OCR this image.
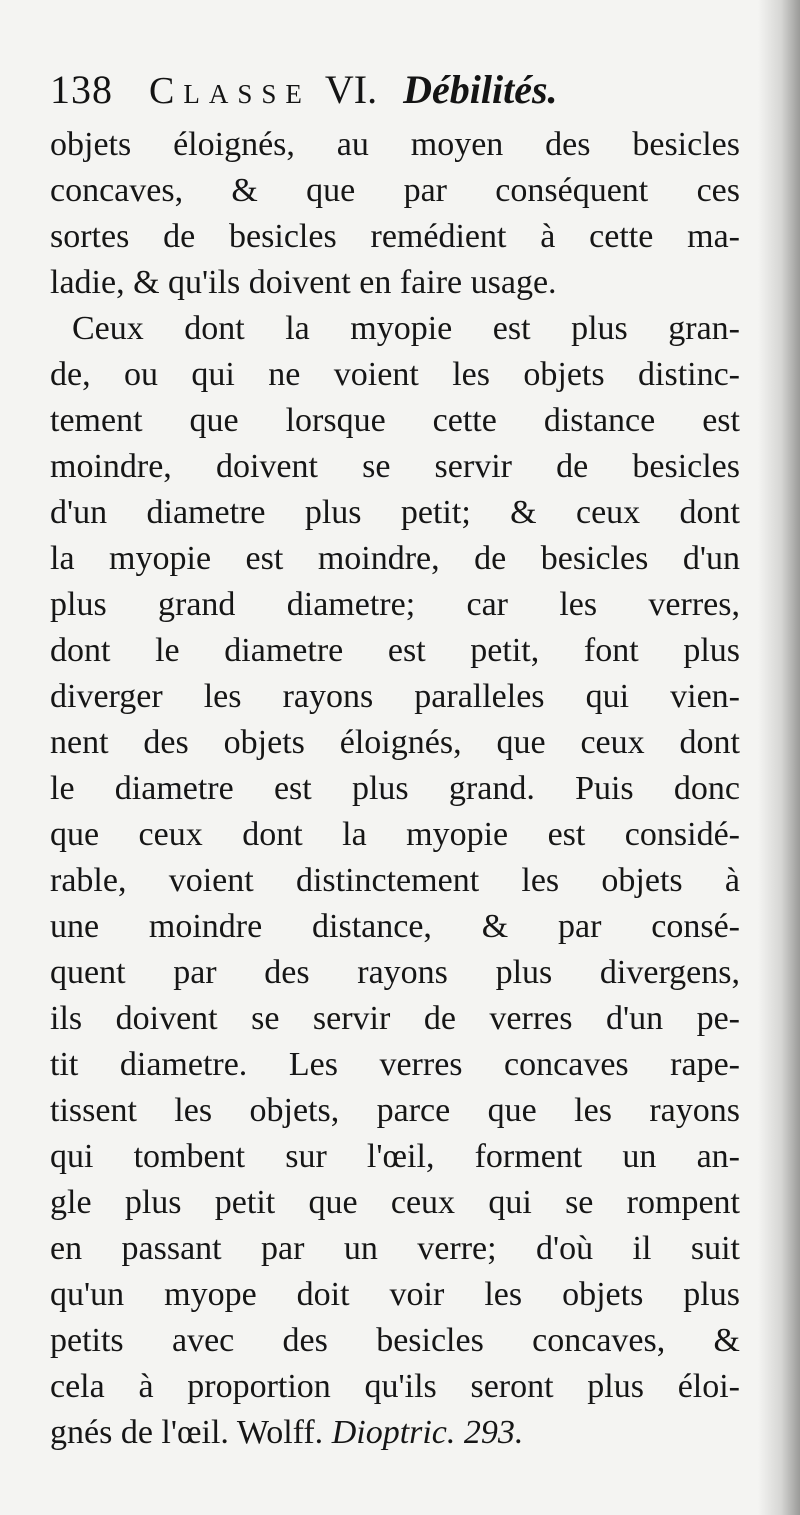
138 Classe VI. Débilités.
objets éloignés, au moyen des besicles
concaves, & que par conséquent ces
sortes de besicles remédient à cette ma-
ladie, & qu'ils doivent en faire usage.
Ceux dont la myopie est plus gran-
de, ou qui ne voient les objets distinc-
tement que lorsque cette distance est
moindre, doivent se servir de besicles
d'un diametre plus petit; & ceux dont
la myopie est moindre, de besicles d'un
plus grand diametre; car les verres,
dont le diametre est petit, font plus
diverger les rayons paralleles qui vien-
nent des objets éloignés, que ceux dont
le diametre est plus grand. Puis donc
que ceux dont la myopie est considé-
rable, voient distinctement les objets à
une moindre distance, & par consé-
quent par des rayons plus divergens,
ils doivent se servir de verres d'un pe-
tit diametre. Les verres concaves rape-
tissent les objets, parce que les rayons
qui tombent sur l'œil, forment un an-
gle plus petit que ceux qui se rompent
en passant par un verre; d'où il suit
qu'un myope doit voir les objets plus
petits avec des besicles concaves, &
cela à proportion qu'ils seront plus éloi-
gnés de l'œil. Wolff. Dioptric. 293.
